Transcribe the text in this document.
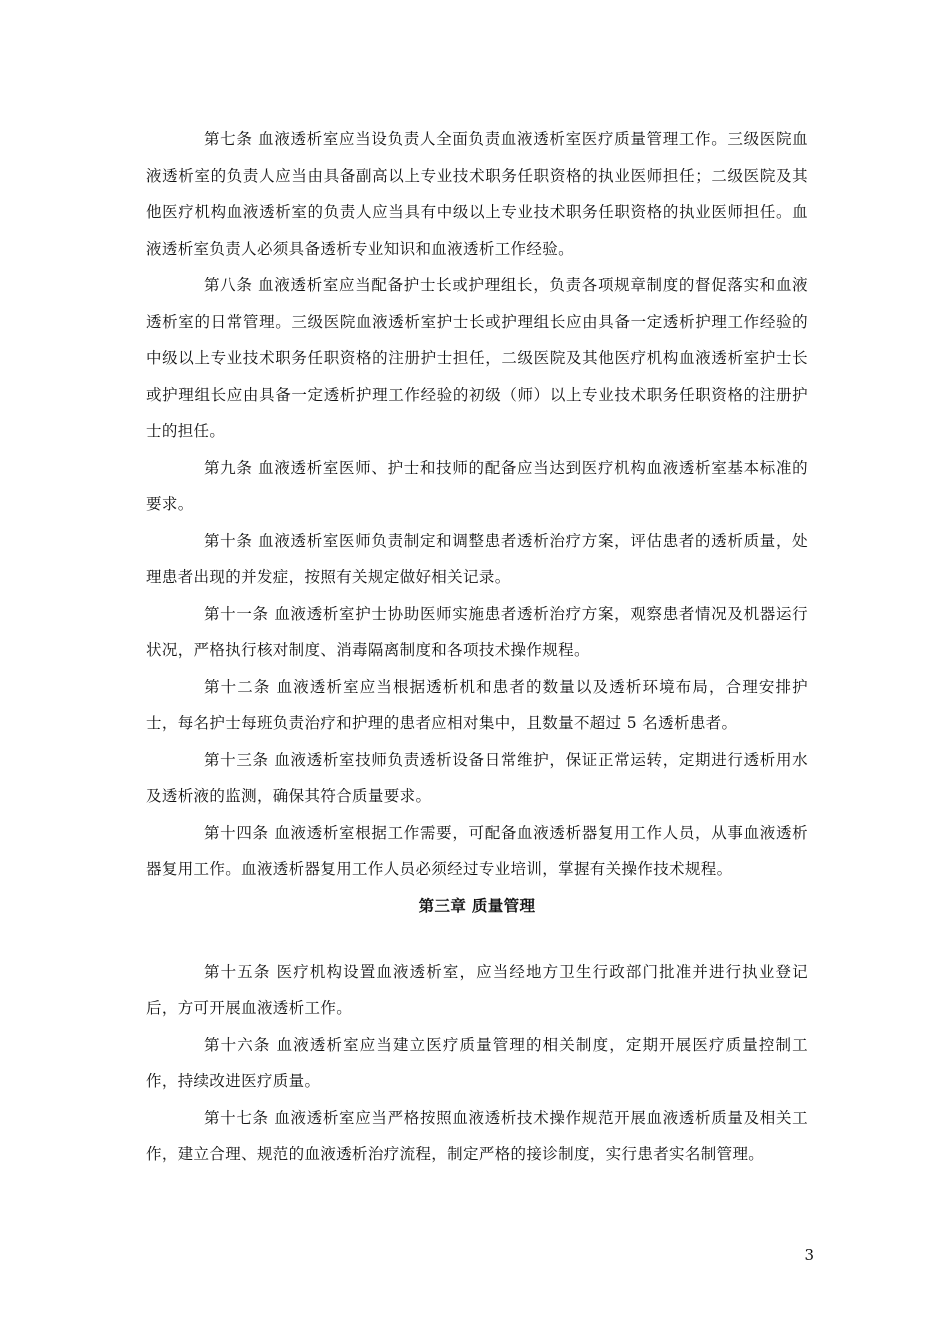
第七条 血液透析室应当设负责人全面负责血液透析室医疗质量管理工作。三级医院血液透析室的负责人应当由具备副高以上专业技术职务任职资格的执业医师担任；二级医院及其他医疗机构血液透析室的负责人应当具有中级以上专业技术职务任职资格的执业医师担任。血液透析室负责人必须具备透析专业知识和血液透析工作经验。

第八条 血液透析室应当配备护士长或护理组长，负责各项规章制度的督促落实和血液透析室的日常管理。三级医院血液透析室护士长或护理组长应由具备一定透析护理工作经验的中级以上专业技术职务任职资格的注册护士担任，二级医院及其他医疗机构血液透析室护士长或护理组长应由具备一定透析护理工作经验的初级（师）以上专业技术职务任职资格的注册护士的担任。

第九条 血液透析室医师、护士和技师的配备应当达到医疗机构血液透析室基本标准的要求。

第十条 血液透析室医师负责制定和调整患者透析治疗方案，评估患者的透析质量，处理患者出现的并发症，按照有关规定做好相关记录。

第十一条 血液透析室护士协助医师实施患者透析治疗方案，观察患者情况及机器运行状况，严格执行核对制度、消毒隔离制度和各项技术操作规程。

第十二条 血液透析室应当根据透析机和患者的数量以及透析环境布局，合理安排护士，每名护士每班负责治疗和护理的患者应相对集中，且数量不超过 5 名透析患者。

第十三条 血液透析室技师负责透析设备日常维护，保证正常运转，定期进行透析用水及透析液的监测，确保其符合质量要求。

第十四条 血液透析室根据工作需要，可配备血液透析器复用工作人员，从事血液透析器复用工作。血液透析器复用工作人员必须经过专业培训，掌握有关操作技术规程。

第三章 质量管理

第十五条 医疗机构设置血液透析室，应当经地方卫生行政部门批准并进行执业登记后，方可开展血液透析工作。

第十六条 血液透析室应当建立医疗质量管理的相关制度，定期开展医疗质量控制工作，持续改进医疗质量。

第十七条 血液透析室应当严格按照血液透析技术操作规范开展血液透析质量及相关工作，建立合理、规范的血液透析治疗流程，制定严格的接诊制度，实行患者实名制管理。

3
